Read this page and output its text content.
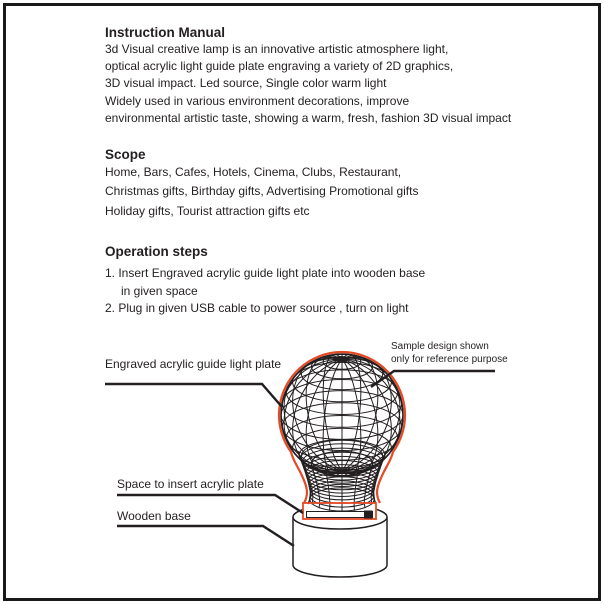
Instruction Manual
3d Visual creative lamp is an innovative artistic atmosphere light,
optical acrylic light guide plate engraving a variety of 2D graphics,
3D visual impact. Led source, Single color warm light
Widely used in various environment decorations, improve
environmental artistic taste, showing a warm, fresh, fashion 3D visual impact
Scope
Home, Bars, Cafes, Hotels, Cinema, Clubs, Restaurant,
Christmas gifts, Birthday gifts, Advertising Promotional gifts
Holiday gifts, Tourist attraction gifts etc
Operation steps
1. Insert Engraved acrylic guide light plate into wooden base
in given space
2. Plug in given USB cable to power source , turn on light
Engraved acrylic guide light plate
Sample design shown
only for reference purpose
Space to insert acrylic plate
Wooden base
